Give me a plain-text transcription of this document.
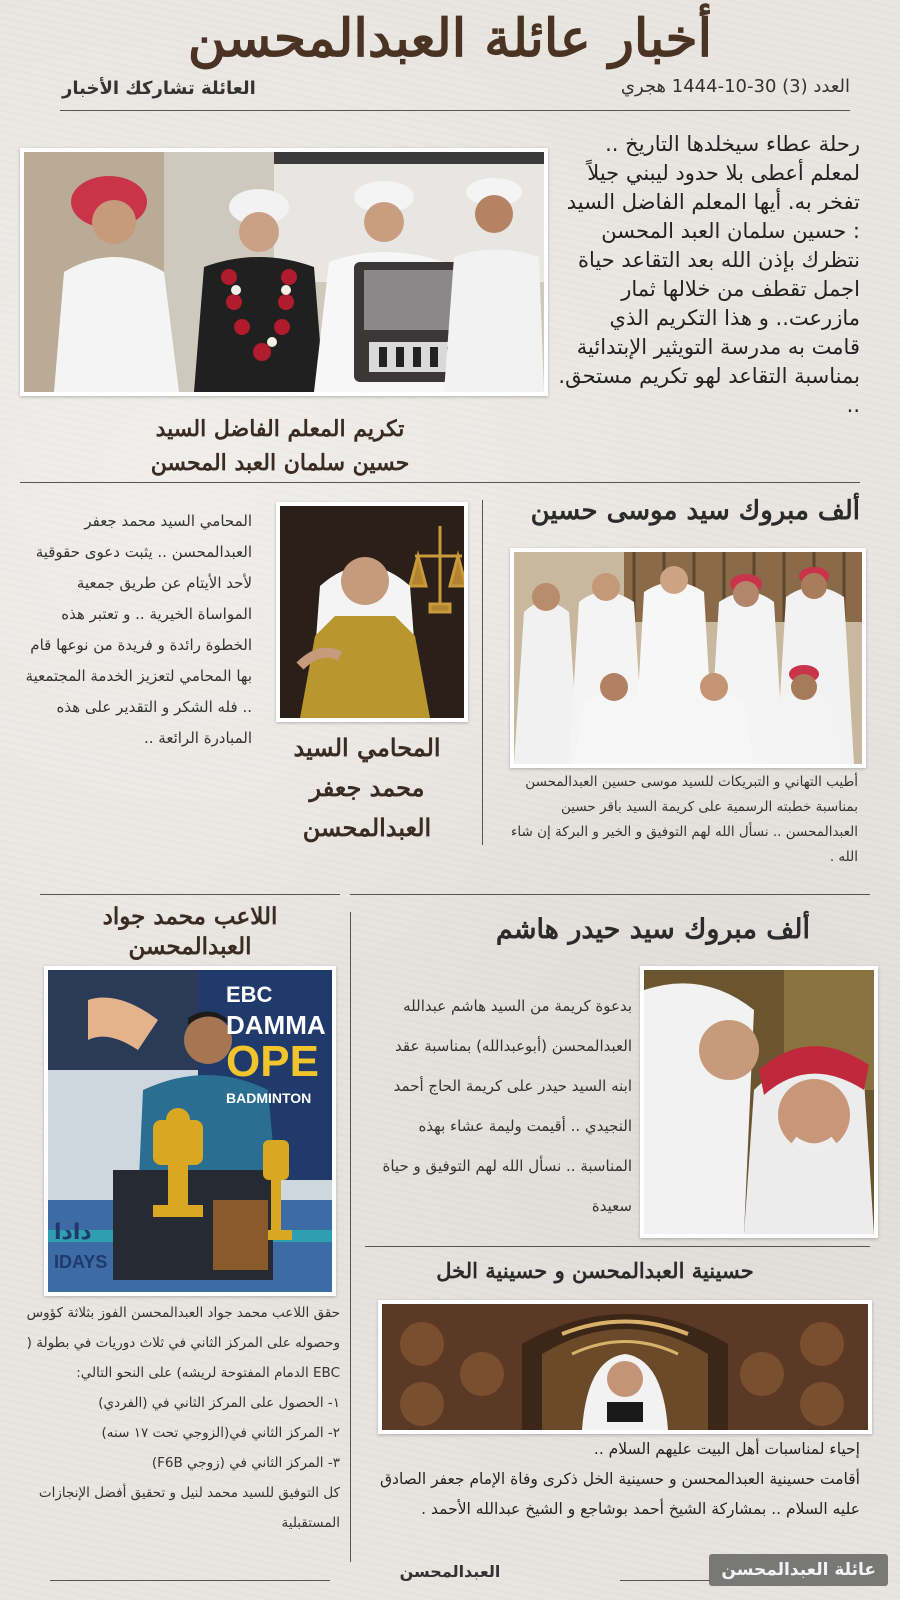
أخبار عائلة العبدالمحسن
العدد (3) 30-10-1444 هجري
العائلة تشاركك الأخبار
رحلة عطاء سيخلدها التاريخ .. لمعلم أعطى بلا حدود ليبني جيلاً تفخر به. أيها المعلم الفاضل السيد : حسين سلمان العبد المحسن نتظرك بإذن الله بعد التقاعد حياة اجمل تقطف من خلالها ثمار مازرعت.. و هذا التكريم الذي قامت به مدرسة التويثير الإبتدائية بمناسبة التقاعد لهو تكريم مستحق. ..
تكريم المعلم الفاضل السيد
حسين سلمان العبد المحسن
ألف مبروك سيد موسى حسين
أطيب التهاني و التبريكات للسيد موسى حسين العبدالمحسن بمناسبة خطبته الرسمية على كريمة السيد باقر حسين العبدالمحسن .. نسأل الله لهم التوفيق و الخير و البركة إن شاء الله .
المحامي السيد محمد جعفر العبدالمحسن .. يثبت دعوى حقوقية لأحد الأيتام عن طريق جمعية المواساة الخيرية .. و تعتبر هذه الخطوة رائدة و فريدة من نوعها قام بها المحامي لتعزيز الخدمة المجتمعية .. فله الشكر و التقدير على هذه المبادرة الرائعة ..	المحامي السيد
محمد جعفر
العبدالمحسن
ألف مبروك سيد حيدر هاشم
بدعوة كريمة من السيد هاشم عبدالله العبدالمحسن (أبوعبدالله) بمناسبة عقد ابنه السيد حيدر على كريمة الحاج أحمد النجيدي .. أقيمت وليمة عشاء بهذه المناسبة .. نسأل الله لهم التوفيق و حياة سعيدة
اللاعب محمد جواد
العبدالمحسن
EBC
DAMMA
OPE
BADMINTON
دادا
IDAYS
حقق اللاعب محمد جواد العبدالمحسن الفوز بثلاثة كؤوس وحصوله على المركز الثاني في ثلاث دوريات في بطولة ( EBC الدمام المفتوحة لريشه) على النحو التالي:
١- الحصول على المركز الثاني في (الفردي)
٢- المركز الثاني في(الزوجي تحت ١٧ سنه)
٣- المركز الثاني في (زوجي F6B)
كل التوفيق للسيد محمد لنيل و تحقيق أفضل الإنجازات المستقبلية
حسينية العبدالمحسن و حسينية الخل
إحياء لمناسبات أهل البيت عليهم السلام ..
أقامت حسينية العبدالمحسن و حسينية الخل ذكرى وفاة الإمام جعفر الصادق عليه السلام .. بمشاركة الشيخ أحمد بوشاجع و الشيخ عبدالله الأحمد .
العبدالمحسن	عائلة العبدالمحسن
